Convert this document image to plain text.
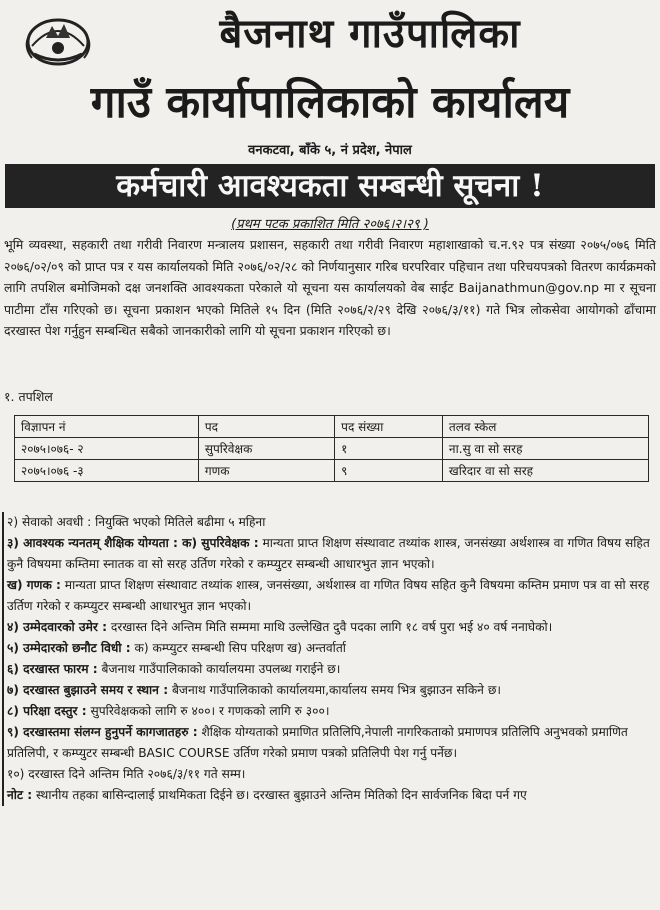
बैजनाथ गाउँपालिका
गाउँ कार्यापालिकाको कार्यालय
वनकटवा, बाँके ५, नं प्रदेश, नेपाल
कर्मचारी आवश्यकता सम्बन्धी सूचना !
(प्रथम पटक प्रकाशित मिति २०७६।२।२९ )
भूमि व्यवस्था, सहकारी तथा गरीवी निवारण मन्त्रालय प्रशासन, सहकारी तथा गरीवी निवारण महाशाखाको च.न.९२ पत्र संख्या २०७५/०७६ मिति २०७६/०२/०९ को प्राप्त पत्र र यस कार्यालयको मिति २०७६/०२/२८ को निर्णयानुसार गरिब घरपरिवार पहिचान तथा परिचयपत्रको वितरण कार्यक्रमको लागि तपशिल बमोजिमको दक्ष जनशक्ति आवश्यकता परेकाले यो सूचना यस कार्यालयको वेब साईट Baijanathmun@gov.np मा र सूचना पाटीमा टाँस गरिएको छ। सूचना प्रकाशन भएको मितिले १५ दिन (मिति २०७६/२/२९ देखि २०७६/३/११) गते भित्र लोकसेवा आयोगको ढाँचामा दरखास्त पेश गर्नुहुन सम्बन्धित सबैको जानकारीको लागि यो सूचना प्रकाशन गरिएको छ।
१. तपशिल
विज्ञापन नं	पद	पद संख्या	तलव स्केल
२०७५।०७६- २	सुपरिवेक्षक	१	ना.सु वा सो सरह
२०७५।०७६ -३	गणक	९	खरिदार वा सो सरह
२) सेवाको अवधी : नियुक्ति भएको मितिले बढीमा ५ महिना
३) आवश्यक न्यनतम् शैक्षिक योग्यता : क) सुपरिवेक्षक : मान्यता प्राप्त शिक्षण संस्थावाट तथ्यांक शास्त्र, जनसंख्या अर्थशास्त्र वा गणित विषय सहित कुनै विषयमा कम्तिमा स्नातक वा सो सरह उर्तिण गरेको र कम्प्युटर सम्बन्धी आधारभुत ज्ञान भएको।
ख) गणक : मान्यता प्राप्त शिक्षण संस्थावाट तथ्यांक शास्त्र, जनसंख्या, अर्थशास्त्र वा गणित विषय सहित कुनै विषयमा कम्तिम प्रमाण पत्र वा सो सरह उर्तिण गरेको र कम्प्युटर सम्बन्धी आधारभुत ज्ञान भएको।
४) उम्मेदवारको उमेर : दरखास्त दिने अन्तिम मिति सम्ममा माथि उल्लेखित दुवै पदका लागि १८ वर्ष पुरा भई ४० वर्ष ननाघेको।
५) उम्मेदारको छनौट विधी : क) कम्प्युटर सम्बन्धी सिप परिक्षण ख) अन्तर्वार्ता
६) दरखास्त फारम : बैजनाथ गाउँपालिकाको कार्यालयमा उपलब्ध गराईने छ।
७) दरखास्त बुझाउने समय र स्थान : बैजनाथ गाउँपालिकाको कार्यालयमा,कार्यालय समय भित्र बुझाउन सकिने छ।
८) परिक्षा दस्तुर : सुपरिवेक्षकको लागि रु ४००। र गणकको लागि रु ३००।
९) दरखास्तमा संलग्न हुनुपर्ने कागजातहरु : शैक्षिक योग्यताको प्रमाणित प्रतिलिपि,नेपाली नागरिकताको प्रमाणपत्र प्रतिलिपि अनुभवको प्रमाणित प्रतिलिपी, र कम्प्युटर सम्बन्धी BASIC COURSE उर्तिण गरेको प्रमाण पत्रको प्रतिलिपी पेश गर्नु पर्नेछ।
१०) दरखास्त दिने अन्तिम मिति २०७६/३/११ गते सम्म।
नोट : स्थानीय तहका बासिन्दालाई प्राथमिकता दिईने छ। दरखास्त बुझाउने अन्तिम मितिको दिन सार्वजनिक बिदा पर्न गए
